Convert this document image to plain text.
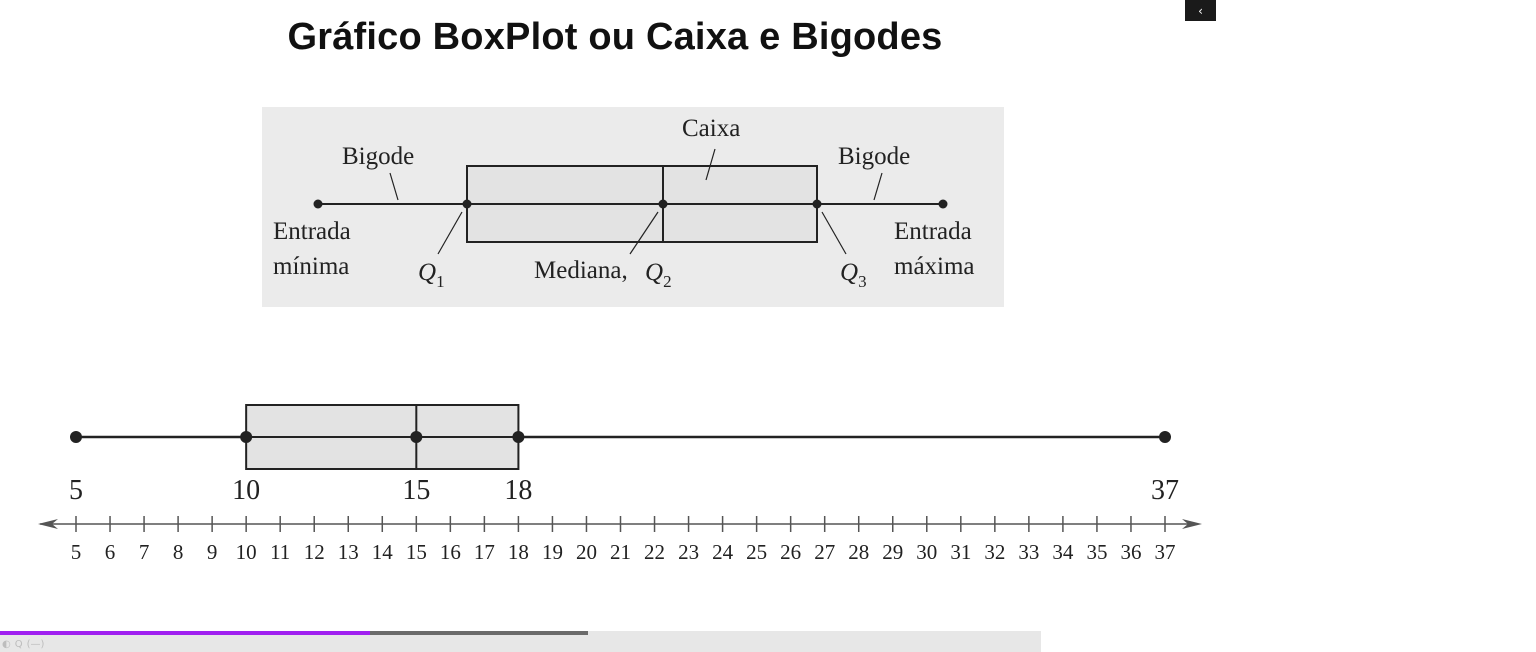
Gráfico BoxPlot ou Caixa e Bigodes
‹
Caixa
Bigode	Bigode
Entrada
mínima
Entrada
máxima
$Q_1$	Mediana, $Q_2$	$Q_3$
5	10	15	18	37
5 6 7 8 9 10 11 12 13 14 15 16 17 18 19 20 21 22 23 24 25 26 27 28 29 30 31 32 33 34 35 36 37
◐ Q (—)
